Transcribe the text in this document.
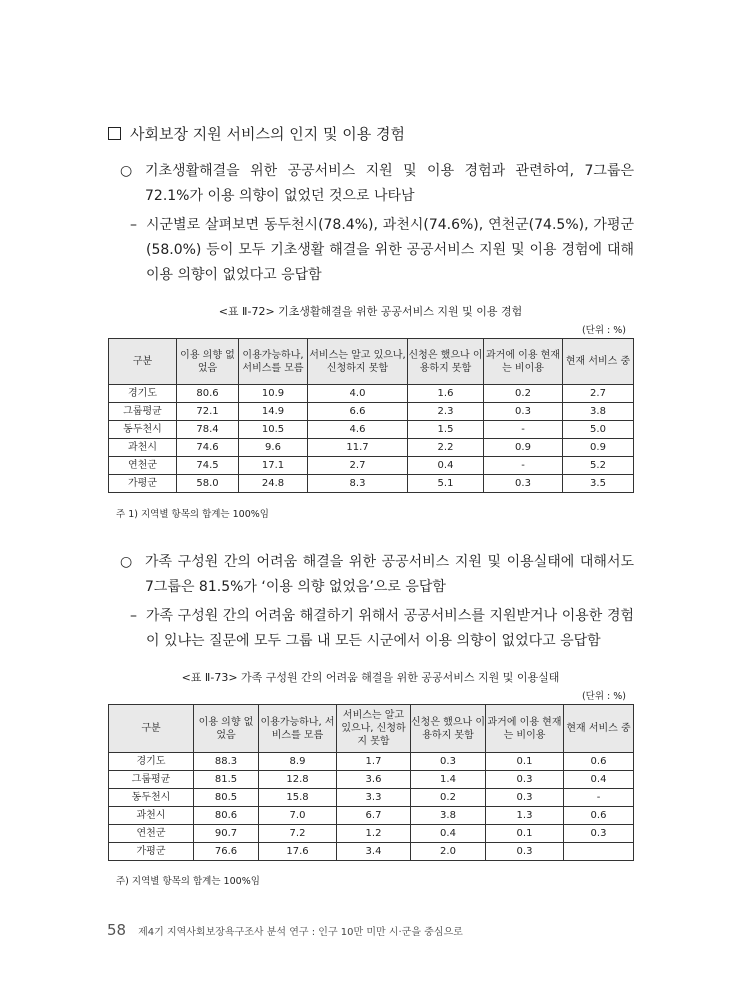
사회보장 지원 서비스의 인지 및 이용 경험
○ 기초생활해결을 위한 공공서비스 지원 및 이용 경험과 관련하여, 7그룹은 72.1%가 이용 의향이 없었던 것으로 나타남
– 시군별로 살펴보면 동두천시(78.4%), 과천시(74.6%), 연천군(74.5%), 가평군(58.0%) 등이 모두 기초생활 해결을 위한 공공서비스 지원 및 이용 경험에 대해 이용 의향이 없었다고 응답함
<표 Ⅱ-72> 기초생활해결을 위한 공공서비스 지원 및 이용 경험
(단위 : %)
구분	이용 의향 없었음	이용가능하나, 서비스를 모름	서비스는 알고 있으나,신청하지 못함	신청은 했으나 이용하지 못함	과거에 이용 현재는 비이용	현재 서비스 중
경기도	80.6	10.9	4.0	1.6	0.2	2.7
그룹평균	72.1	14.9	6.6	2.3	0.3	3.8
동두천시	78.4	10.5	4.6	1.5	-	5.0
과천시	74.6	9.6	11.7	2.2	0.9	0.9
연천군	74.5	17.1	2.7	0.4	-	5.2
가평군	58.0	24.8	8.3	5.1	0.3	3.5
주 1) 지역별 항목의 합계는 100%임
○ 가족 구성원 간의 어려움 해결을 위한 공공서비스 지원 및 이용실태에 대해서도 7그룹은 81.5%가 ‘이용 의향 없었음’으로 응답함
– 가족 구성원 간의 어려움 해결하기 위해서 공공서비스를 지원받거나 이용한 경험이 있냐는 질문에 모두 그룹 내 모든 시군에서 이용 의향이 없었다고 응답함
<표 Ⅱ-73> 가족 구성원 간의 어려움 해결을 위한 공공서비스 지원 및 이용실태
(단위 : %)
구분	이용 의향 없었음	이용가능하나, 서비스를 모름	서비스는 알고 있으나, 신청하지 못함	신청은 했으나 이용하지 못함	과거에 이용 현재는 비이용	현재 서비스 중
경기도	88.3	8.9	1.7	0.3	0.1	0.6
그룹평균	81.5	12.8	3.6	1.4	0.3	0.4
동두천시	80.5	15.8	3.3	0.2	0.3	-
과천시	80.6	7.0	6.7	3.8	1.3	0.6
연천군	90.7	7.2	1.2	0.4	0.1	0.3
가평군	76.6	17.6	3.4	2.0	0.3	
주) 지역별 항목의 합계는 100%임
58 제4기 지역사회보장욕구조사 분석 연구 : 인구 10만 미만 시·군을 중심으로
